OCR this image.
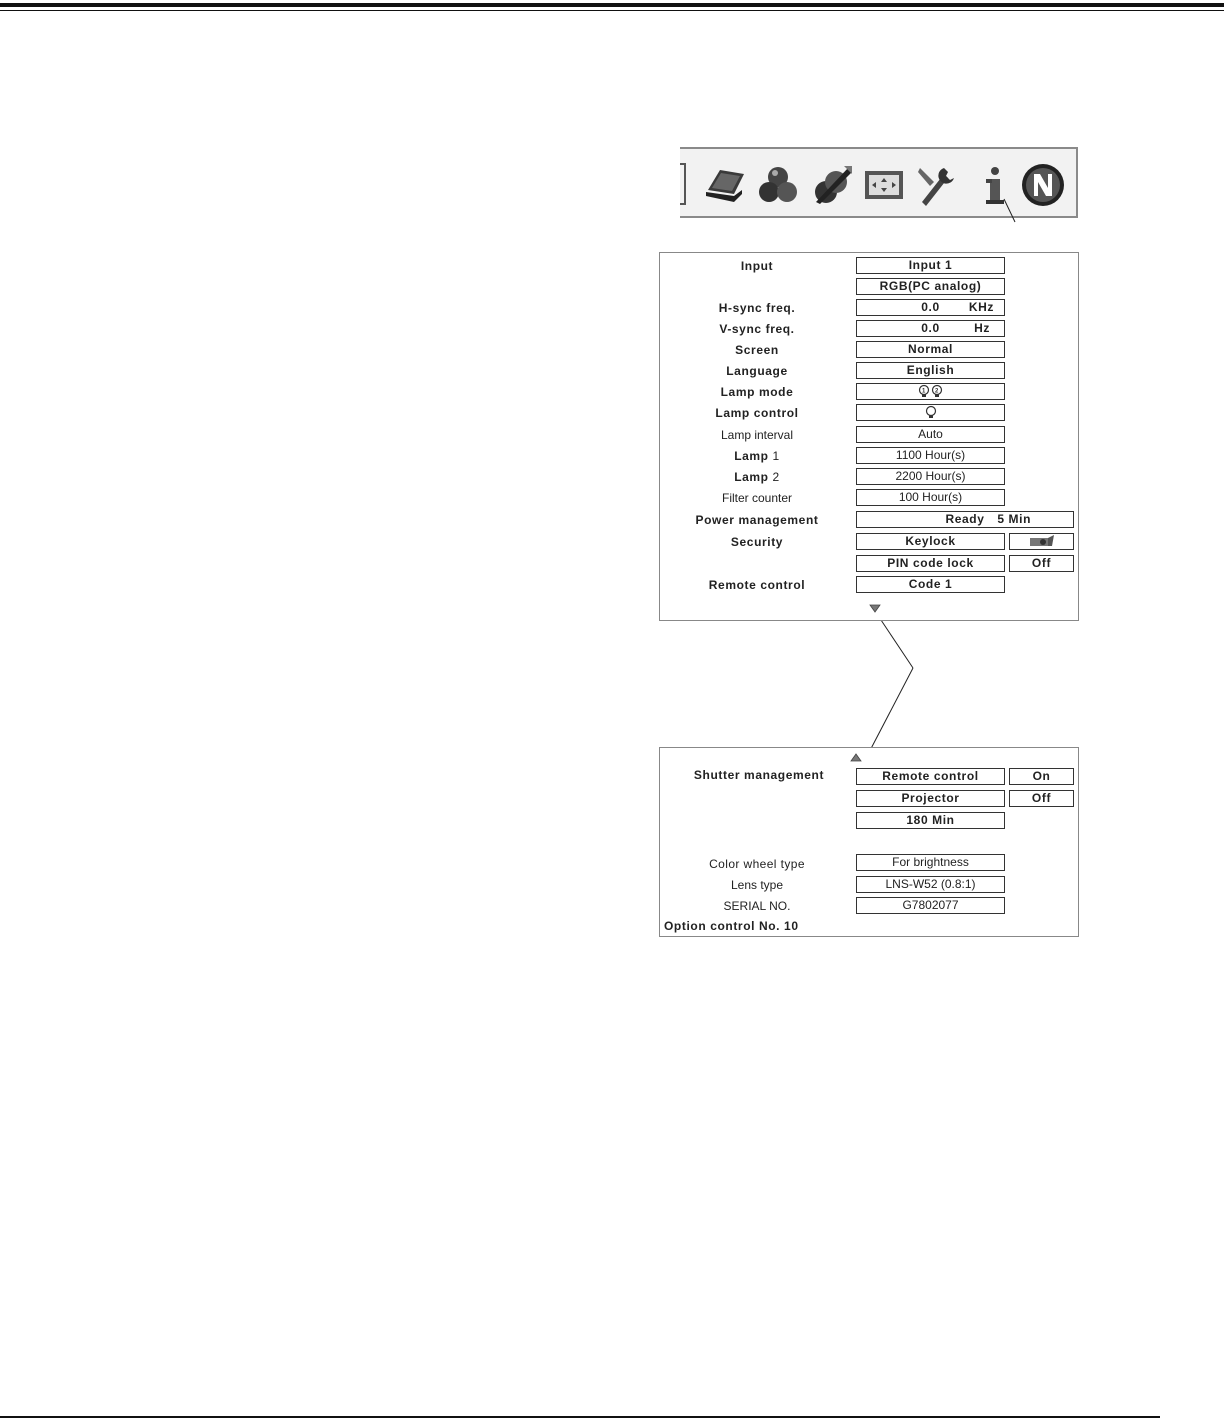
Input	Input 1
RGB(PC analog)
H-sync freq.	0.0	KHz
V-sync freq.	0.0	Hz
Screen	Normal
Language	English
Lamp mode	1 2
Lamp control
Lamp interval	Auto
Lamp 1	1100 Hour(s)
Lamp 2	2200 Hour(s)
Filter counter	100 Hour(s)
Power management	Ready	5 Min
Security	Keylock
PIN code lock	Off
Remote control	Code 1
Shutter management	Remote control	On
Projector	Off
180 Min
Color wheel type	For brightness
Lens type	LNS-W52 (0.8:1)
SERIAL NO.	G7802077
Option control No. 10
